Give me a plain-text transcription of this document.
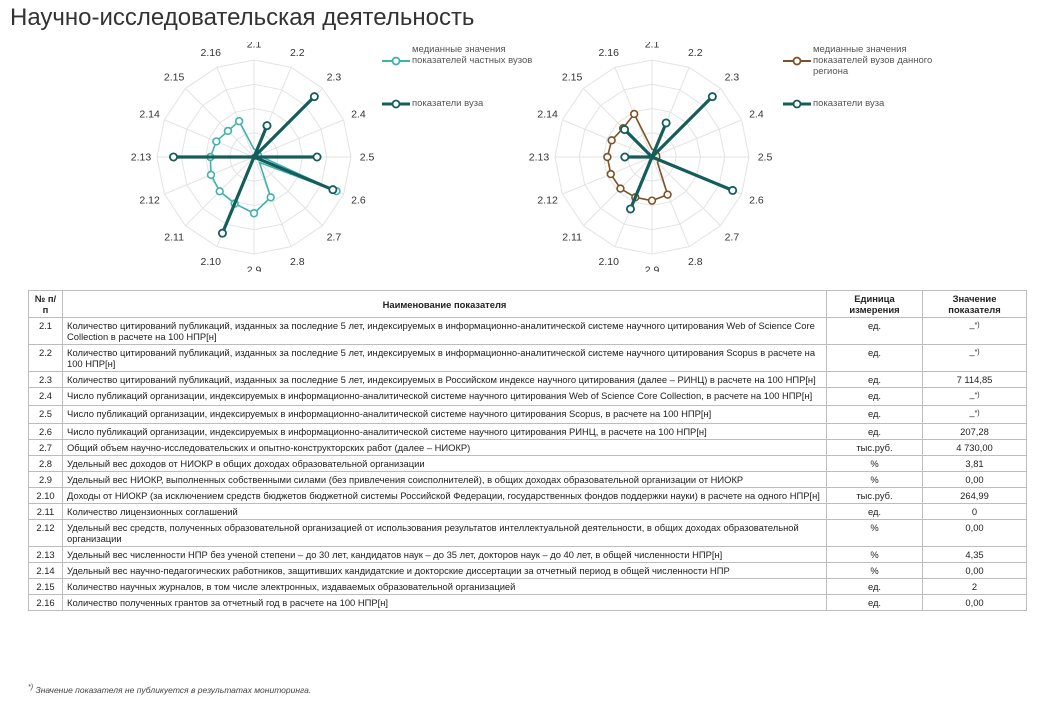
Научно-исследовательская деятельность
2.1
2.2
2.3
2.4
2.5
2.6
2.7
2.8
2.9
2.10
2.11
2.12
2.13
2.14
2.15
2.16	медианные значения показателей частных вузов
показатели вуза
2.1
2.2
2.3
2.4
2.5
2.6
2.7
2.8
2.9
2.10
2.11
2.12
2.13
2.14
2.15
2.16	медианные значения показателей вузов данного региона
показатели вуза
№ п/п	Наименование показателя	Единица измерения	Значение показателя
2.1	Количество цитирований публикаций, изданных за последние 5 лет, индексируемых в информационно-аналитической системе научного цитирования Web of Science Core Collection в расчете на 100 НПР[н]	ед.	–*)
2.2	Количество цитирований публикаций, изданных за последние 5 лет, индексируемых в информационно-аналитической системе научного цитирования Scopus в расчете на 100 НПР[н]	ед.	–*)
2.3	Количество цитирований публикаций, изданных за последние 5 лет, индексируемых в Российском индексе научного цитирования (далее – РИНЦ) в расчете на 100 НПР[н]	ед.	7 114,85
2.4	Число публикаций организации, индексируемых в информационно-аналитической системе научного цитирования Web of Science Core Collection, в расчете на 100 НПР[н]	ед.	–*)
2.5	Число публикаций организации, индексируемых в информационно-аналитической системе научного цитирования Scopus, в расчете на 100 НПР[н]	ед.	–*)
2.6	Число публикаций организации, индексируемых в информационно-аналитической системе научного цитирования РИНЦ, в расчете на 100 НПР[н]	ед.	207,28
2.7	Общий объем научно-исследовательских и опытно-конструкторских работ (далее – НИОКР)	тыс.руб.	4 730,00
2.8	Удельный вес доходов от НИОКР в общих доходах образовательной организации	%	3,81
2.9	Удельный вес НИОКР, выполненных собственными силами (без привлечения соисполнителей), в общих доходах образовательной организации от НИОКР	%	0,00
2.10	Доходы от НИОКР (за исключением средств бюджетов бюджетной системы Российской Федерации, государственных фондов поддержки науки) в расчете на одного НПР[н]	тыс.руб.	264,99
2.11	Количество лицензионных соглашений	ед.	0
2.12	Удельный вес средств, полученных образовательной организацией от использования результатов интеллектуальной деятельности, в общих доходах образовательной организации	%	0,00
2.13	Удельный вес численности НПР без ученой степени – до 30 лет, кандидатов наук – до 35 лет, докторов наук – до 40 лет, в общей численности НПР[н]	%	4,35
2.14	Удельный вес научно-педагогических работников, защитивших кандидатские и докторские диссертации за отчетный период в общей численности НПР	%	0,00
2.15	Количество научных журналов, в том числе электронных, издаваемых образовательной организацией	ед.	2
2.16	Количество полученных грантов за отчетный год в расчете на 100 НПР[н]	ед.	0,00
*) Значение показателя не публикуется в результатах мониторинга.
